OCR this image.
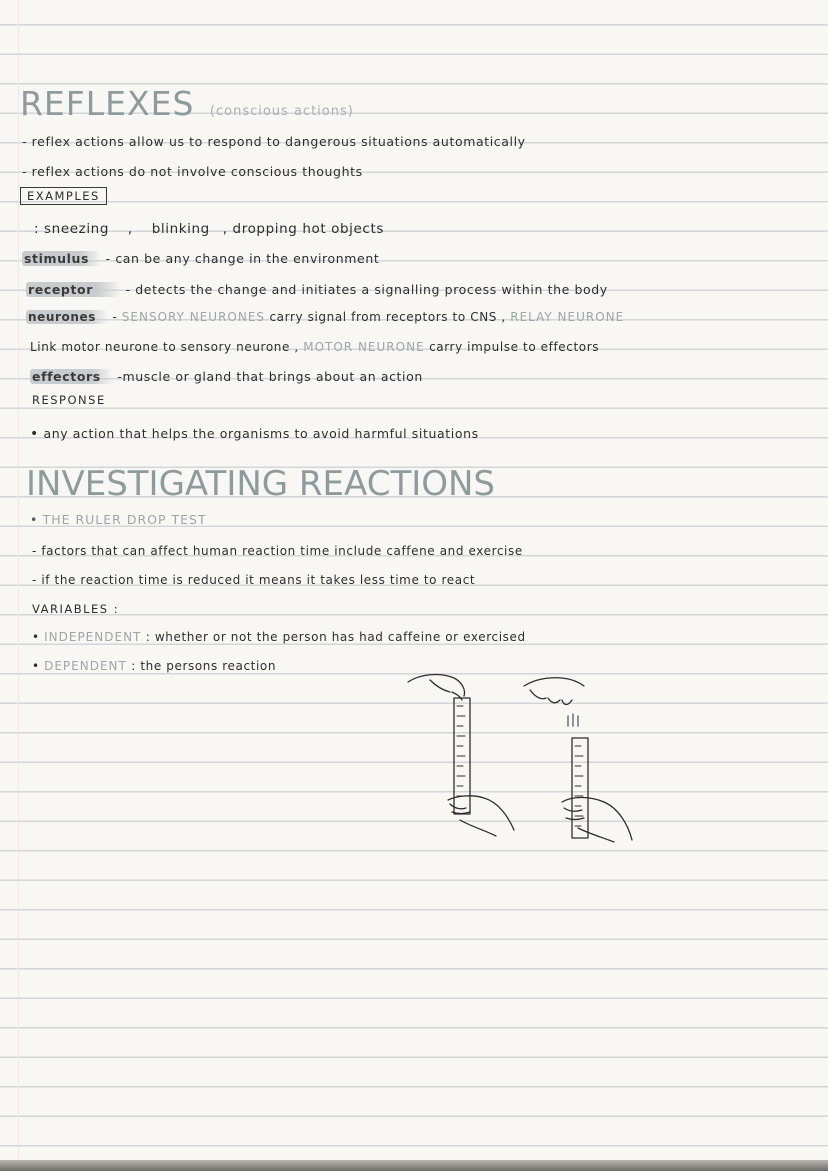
REFLEXES (conscious actions)
- reflex actions allow us to respond to dangerous situations automatically
- reflex actions do not involve conscious thoughts
EXAMPLES
: sneezing , blinking , dropping hot objects
stimulus - can be any change in the environment
receptor	- detects the change and initiates a signalling process within the body
neurones - SENSORY NEURONES carry signal from receptors to CNS , RELAY NEURONE
Link motor neurone to sensory neurone , MOTOR NEURONE carry impulse to effectors
effectors -muscle or gland that brings about an action
RESPONSE
• any action that helps the organisms to avoid harmful situations
INVESTIGATING REACTIONS
• THE RULER DROP TEST
- factors that can affect human reaction time include caffene and exercise
- if the reaction time is reduced it means it takes less time to react
VARIABLES :
• INDEPENDENT : whether or not the person has had caffeine or exercised
• DEPENDENT : the persons reaction
